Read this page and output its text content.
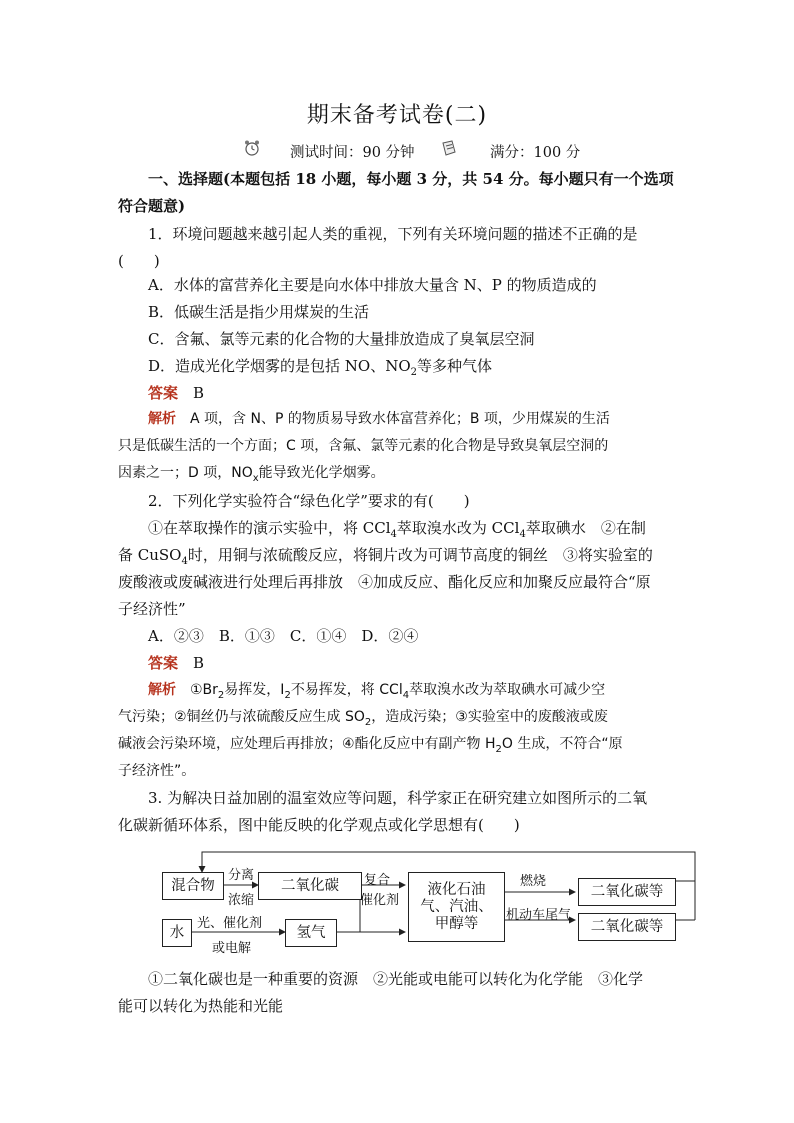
期末备考试卷(二)
测试时间：90 分钟	满分：100 分
一、选择题(本题包括 18 小题，每小题 3 分，共 54 分。每小题只有一个选项
符合题意)
1．环境问题越来越引起人类的重视，下列有关环境问题的描述不正确的是
(　　)
A．水体的富营养化主要是向水体中排放大量含 N、P 的物质造成的
B．低碳生活是指少用煤炭的生活
C．含氟、氯等元素的化合物的大量排放造成了臭氧层空洞
D．造成光化学烟雾的是包括 NO、$NO_2$等多种气体
答案　 B
解析　 A 项，含 N、P 的物质易导致水体富营养化；B 项，少用煤炭的生活
只是低碳生活的一个方面；C 项，含氟、氯等元素的化合物是导致臭氧层空洞的
因素之一；D 项，$NO_x$能导致光化学烟雾。
2．下列化学实验符合“绿色化学”要求的有(　　)
①在萃取操作的演示实验中，将 CCl$_4$萃取溴水改为 CCl$_4$萃取碘水　②在制
备 CuSO$_4$时，用铜与浓硫酸反应，将铜片改为可调节高度的铜丝　③将实验室的
废酸液或废碱液进行处理后再排放　④加成反应、酯化反应和加聚反应最符合“原
子经济性”
A．②③　B．①③　C．①④　D．②④
答案　 B
解析　 $①Br_2$易挥发，$I_2$不易挥发，将 CCl$_4$萃取溴水改为萃取碘水可减少空
气污染；②铜丝仍与浓硫酸反应生成 $SO_2$，造成污染；③实验室中的废酸液或废
碱液会污染环境，应处理后再排放；④酯化反应中有副产物 $H_2O$ 生成，不符合“原
子经济性”。
3. 为解决日益加剧的温室效应等问题，科学家正在研究建立如图所示的二氧
化碳新循环体系，图中能反映的化学观点或化学思想有(　　)
混合物
分离
浓缩
二氧化碳
水
光、催化剂
或电解
氢气
复合
催化剂
液化石油
气、汽油、
甲醇等
燃烧
机动车尾气
二氧化碳等
二氧化碳等
①二氧化碳也是一种重要的资源　②光能或电能可以转化为化学能　③化学
能可以转化为热能和光能
